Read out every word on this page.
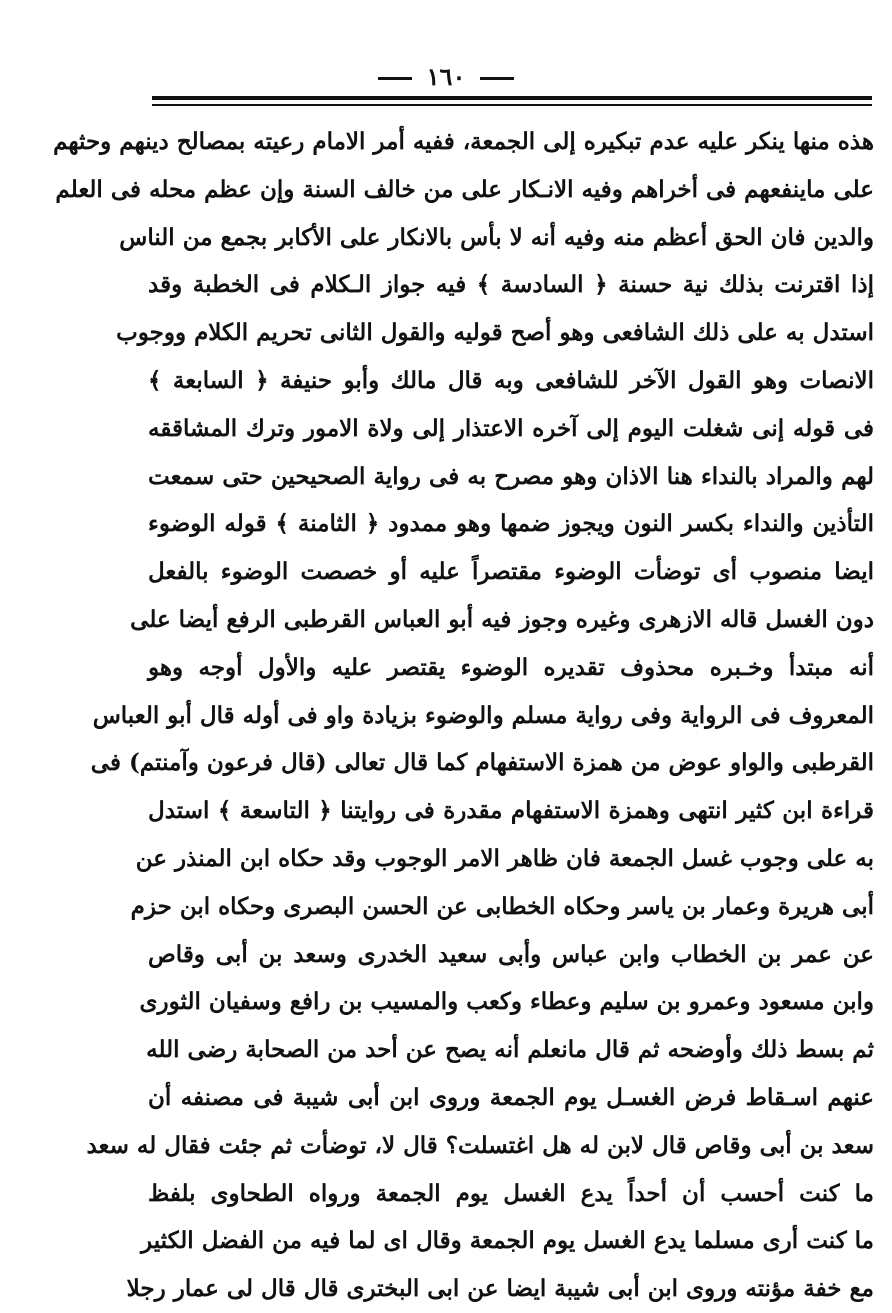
١٦٠
هذه منها ينكر عليه عدم تبكيره إلى الجمعة، ففيه أمر الامام رعيته بمصالح دينهم وحثهم
على ماينفعهم فى أخراهم وفيه الانـكار على من خالف السنة وإن عظم محله فى العلم
والدين فان الحق أعظم منه وفيه أنه لا بأس بالانكار على الأكابر بجمع من الناس
إذا اقترنت بذلك نية حسنة ﴿ السادسة ﴾ فيه جواز الـكلام فى الخطبة وقد
استدل به على ذلك الشافعى وهو أصح قوليه والقول الثانى تحريم الكلام ووجوب
الانصات وهو القول الآخر للشافعى وبه قال مالك وأبو حنيفة ﴿ السابعة ﴾
فى قوله إنى شغلت اليوم إلى آخره الاعتذار إلى ولاة الامور وترك المشاققه
لهم والمراد بالنداء هنا الاذان وهو مصرح به فى رواية الصحيحين حتى سمعت
التأذين والنداء بكسر النون ويجوز ضمها وهو ممدود ﴿ الثامنة ﴾ قوله الوضوء
ايضا منصوب أى توضأت الوضوء مقتصراً عليه أو خصصت الوضوء بالفعل
دون الغسل قاله الازهرى وغيره وجوز فيه أبو العباس القرطبى الرفع أيضا على
أنه مبتدأ وخـبره محذوف تقديره الوضوء يقتصر عليه والأول أوجه وهو
المعروف فى الرواية وفى رواية مسلم والوضوء بزيادة واو فى أوله قال أبو العباس
القرطبى والواو عوض من همزة الاستفهام كما قال تعالى (قال فرعون وآمنتم) فى
قراءة ابن كثير انتهى وهمزة الاستفهام مقدرة فى روايتنا ﴿ التاسعة ﴾ استدل
به على وجوب غسل الجمعة فان ظاهر الامر الوجوب وقد حكاه ابن المنذر عن
أبى هريرة وعمار بن ياسر وحكاه الخطابى عن الحسن البصرى وحكاه ابن حزم
عن عمر بن الخطاب وابن عباس وأبى سعيد الخدرى وسعد بن أبى وقاص
وابن مسعود وعمرو بن سليم وعطاء وكعب والمسيب بن رافع وسفيان الثورى
ثم بسط ذلك وأوضحه ثم قال مانعلم أنه يصح عن أحد من الصحابة رضى الله
عنهم اسـقاط فرض الغسـل يوم الجمعة وروى ابن أبى شيبة فى مصنفه أن
سعد بن أبى وقاص قال لابن له هل اغتسلت؟ قال لا، توضأت ثم جئت فقال له سعد
ما كنت أحسب أن أحداً يدع الغسل يوم الجمعة ورواه الطحاوى بلفظ
ما كنت أرى مسلما يدع الغسل يوم الجمعة وقال اى لما فيه من الفضل الكثير
مع خفة مؤنته وروى ابن أبى شيبة ايضا عن ابى البخترى قال قال لى عمار رجلا
